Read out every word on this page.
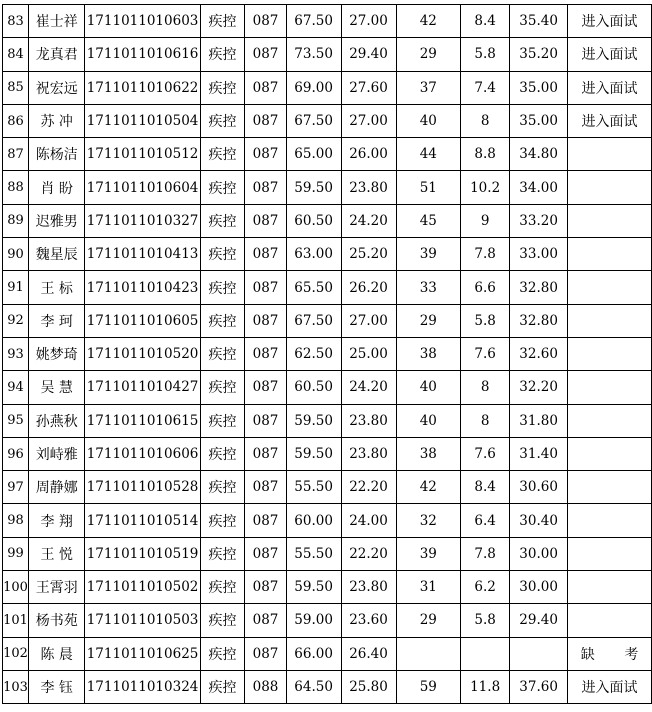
83	崔士祥	1711011010603	疾控	087	67.50	27.00	42	8.4	35.40	进入面试
84	龙真君	1711011010616	疾控	087	73.50	29.40	29	5.8	35.20	进入面试
85	祝宏远	1711011010622	疾控	087	69.00	27.60	37	7.4	35.00	进入面试
86	苏 冲	1711011010504	疾控	087	67.50	27.00	40	8	35.00	进入面试
87	陈杨洁	1711011010512	疾控	087	65.00	26.00	44	8.8	34.80	
88	肖 盼	1711011010604	疾控	087	59.50	23.80	51	10.2	34.00	
89	迟雅男	1711011010327	疾控	087	60.50	24.20	45	9	33.20	
90	魏星辰	1711011010413	疾控	087	63.00	25.20	39	7.8	33.00	
91	王 标	1711011010423	疾控	087	65.50	26.20	33	6.6	32.80	
92	李 珂	1711011010605	疾控	087	67.50	27.00	29	5.8	32.80	
93	姚梦琦	1711011010520	疾控	087	62.50	25.00	38	7.6	32.60	
94	吴 慧	1711011010427	疾控	087	60.50	24.20	40	8	32.20	
95	孙燕秋	1711011010615	疾控	087	59.50	23.80	40	8	31.80	
96	刘峙雅	1711011010606	疾控	087	59.50	23.80	38	7.6	31.40	
97	周静娜	1711011010528	疾控	087	55.50	22.20	42	8.4	30.60	
98	李 翔	1711011010514	疾控	087	60.00	24.00	32	6.4	30.40	
99	王 悦	1711011010519	疾控	087	55.50	22.20	39	7.8	30.00	
100	王霄羽	1711011010502	疾控	087	59.50	23.80	31	6.2	30.00	
101	杨书苑	1711011010503	疾控	087	59.00	23.60	29	5.8	29.40	
102	陈 晨	1711011010625	疾控	087	66.00	26.40				缺 考
103	李 钰	1711011010324	疾控	088	64.50	25.80	59	11.8	37.60	进入面试
